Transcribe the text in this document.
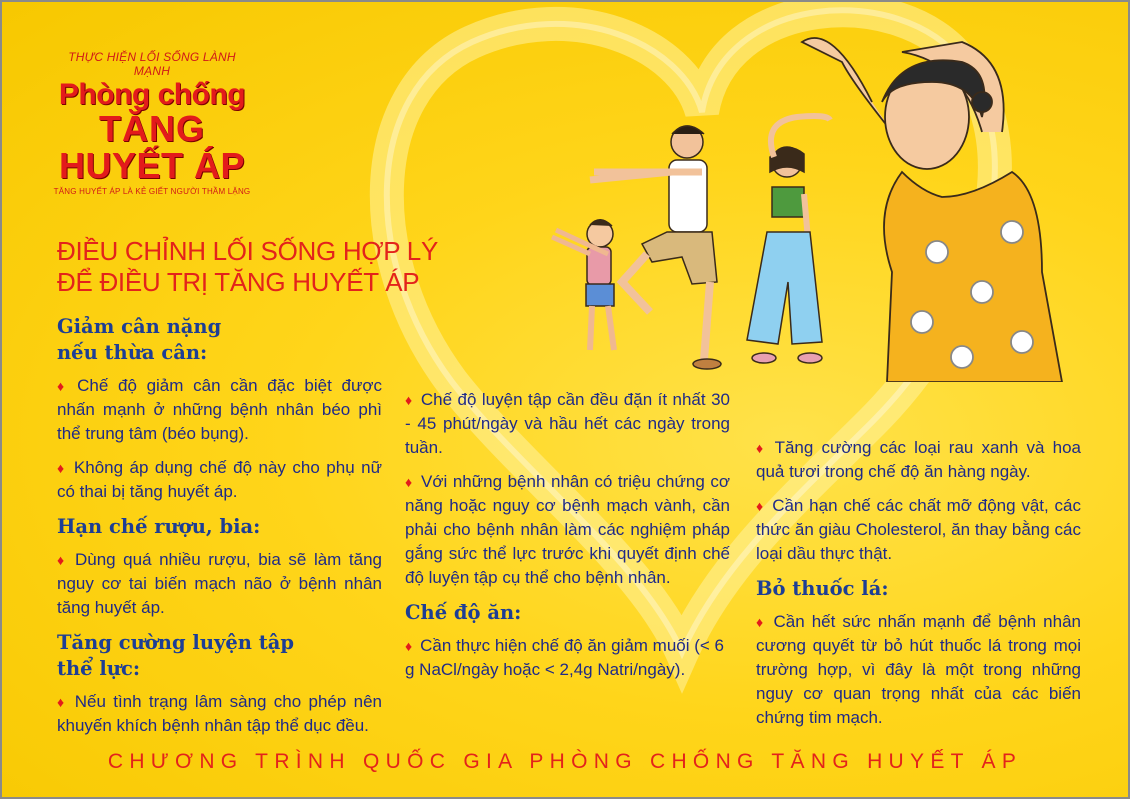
THỰC HIỆN LỐI SỐNG LÀNH MẠNH
Phòng chống
TĂNG
HUYẾT ÁP
TĂNG HUYẾT ÁP LÀ KẺ GIẾT NGƯỜI THẦM LẶNG
ĐIỀU CHỈNH LỐI SỐNG HỢP LÝ
ĐỂ ĐIỀU TRỊ TĂNG HUYẾT ÁP
Giảm cân nặng
nếu thừa cân:

♦ Chế độ giảm cân cần đặc biệt được nhấn mạnh ở những bệnh nhân béo phì thể trung tâm (béo bụng).

♦ Không áp dụng chế độ này cho phụ nữ có thai bị tăng huyết áp.

Hạn chế rượu, bia:

♦ Dùng quá nhiều rượu, bia sẽ làm tăng nguy cơ tai biến mạch não ở bệnh nhân tăng huyết áp.

Tăng cường luyện tập
thể lực:

♦ Nếu tình trạng lâm sàng cho phép nên khuyến khích bệnh nhân tập thể dục đều.

♦ Chế độ luyện tập cần đều đặn ít nhất 30 - 45 phút/ngày và hầu hết các ngày trong tuần.

♦ Với những bệnh nhân có triệu chứng cơ năng hoặc nguy cơ bệnh mạch vành, cần phải cho bệnh nhân làm các nghiệm pháp gắng sức thể lực trước khi quyết định chế độ luyện tập cụ thể cho bệnh nhân.

Chế độ ăn:

♦ Cần thực hiện chế độ ăn giảm muối (< 6 g NaCl/ngày hoặc < 2,4g Natri/ngày).

♦ Tăng cường các loại rau xanh và hoa quả tươi trong chế độ ăn hàng ngày.

♦ Cần hạn chế các chất mỡ động vật, các thức ăn giàu Cholesterol, ăn thay bằng các loại dầu thực thật.

Bỏ thuốc lá:

♦ Cần hết sức nhấn mạnh để bệnh nhân cương quyết từ bỏ hút thuốc lá trong mọi trường hợp, vì đây là một trong những nguy cơ quan trọng nhất của các biến chứng tim mạch.

CHƯƠNG TRÌNH QUỐC GIA PHÒNG CHỐNG TĂNG HUYẾT ÁP
